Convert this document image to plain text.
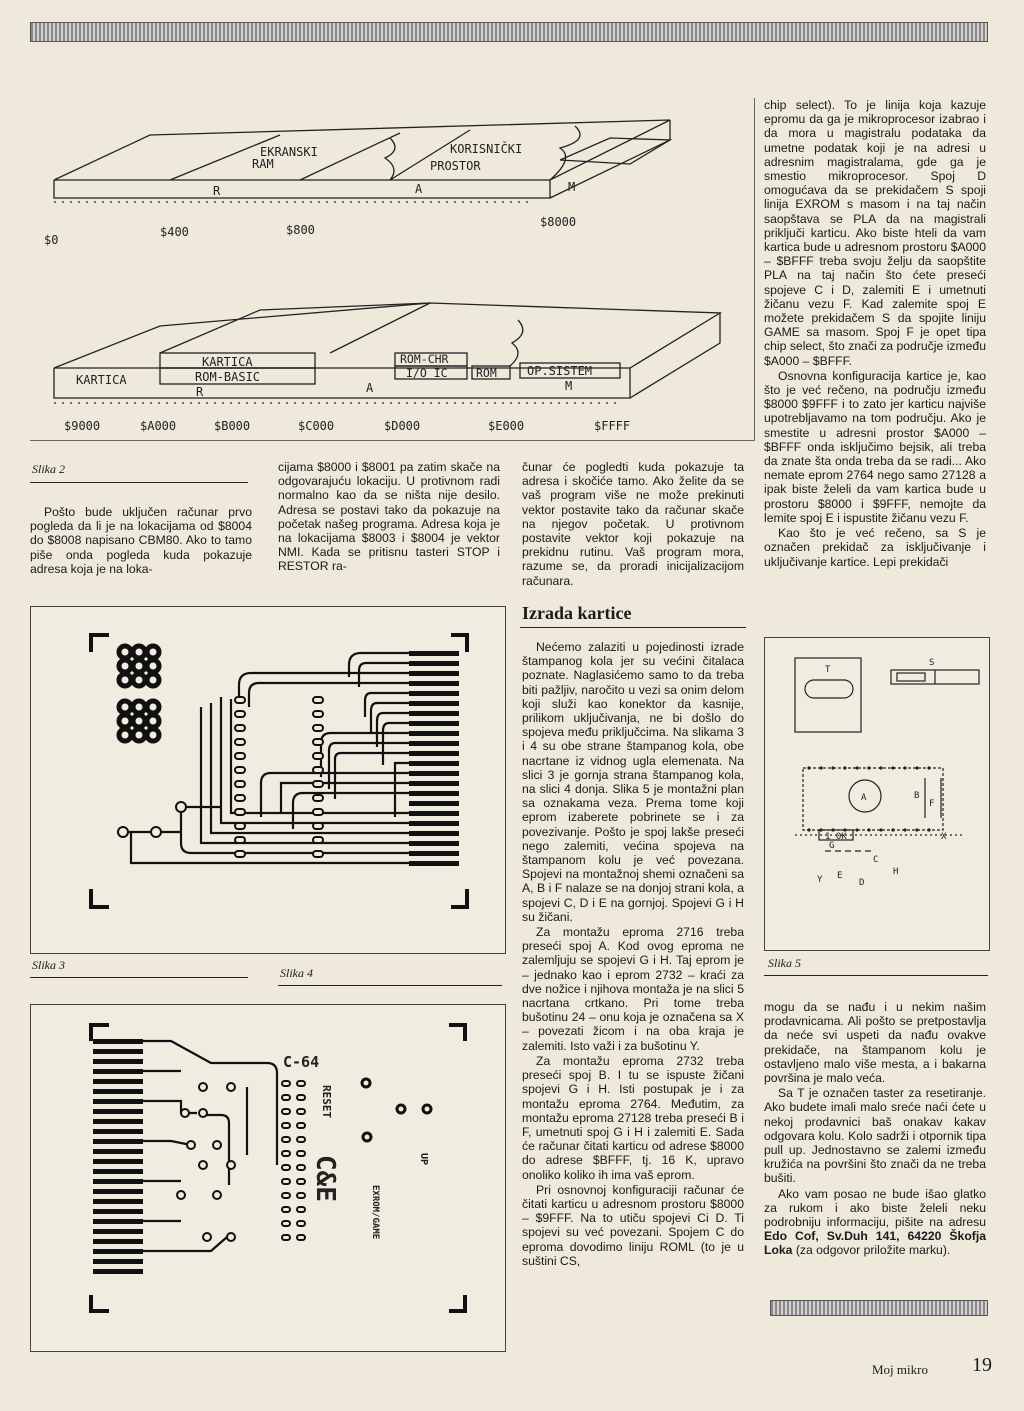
EKRANSKI
RAM
KORISNIČKI
PROSTOR
R	A	M
$0
$400	$800
$8000
KARTICA
KARTICA
ROM-BASIC
ROM-CHR
I/O IC ROM	OP.SISTEM
R	A	M
$9000	$A000	$B000	$C000	$D000	$E000	$FFFF
Slika 2

Pošto bude uključen računar prvo pogleda da li je na lokacijama od $8004 do $8008 napisano CBM80. Ako to tamo piše onda pogleda kuda pokazuje adresa koja je na loka-

cijama $8000 i $8001 pa zatim skače na odgovarajuću lokaciju. U protivnom radi normalno kao da se ništa nije desilo. Adresa se postavi tako da pokazuje na početak našeg programa. Adresa koja je na lokacijama $8003 i $8004 je vektor NMI. Kada se pritisnu tasteri STOP i RESTOR ra-

čunar će pogledti kuda pokazuje ta adresa i skočiće tamo. Ako želite da se vaš program više ne može prekinuti vektor postavite tako da računar skače na njegov početak. U protivnom postavite vektor koji pokazuje na prekidnu rutinu. Vaš program mora, razume se, da proradi inicijalizacijom računara.

Izrada kartice

Nećemo zalaziti u pojedinosti izrade štampanog kola jer su većini čitalaca poznate. Naglasićemo samo to da treba biti pažljiv, naročito u vezi sa onim delom koji služi kao konektor da kasnije, prilikom uključivanja, ne bi došlo do spojeva među priključcima. Na slikama 3 i 4 su obe strane štampanog kola, obe nacrtane iz vidnog ugla elemenata. Na slici 3 je gornja strana štampanog kola, na slici 4 donja. Slika 5 je montažni plan sa oznakama veza. Prema tome koji eprom izaberete pobrinete se i za povezivanje. Pošto je spoj lakše preseći nego zalemiti, većina spojeva na štampanom kolu je već povezana. Spojevi na montažnoj shemi označeni sa A, B i F nalaze se na donjoj strani kola, a spojevi C, D i E na gornjoj. Spojevi G i H su žičani.

Za montažu eproma 2716 treba preseći spoj A. Kod ovog eproma ne zalemljuju se spojevi G i H. Taj eprom je – jednako kao i eprom 2732 – kraći za dve nožice i njihova montaža je na slici 5 nacrtana crtkano. Pri tome treba bušotinu 24 – onu koja je označena sa X – povezati žicom i na oba kraja je zalemiti. Isto važi i za bušotinu Y.

Za montažu eproma 2732 treba preseći spoj B. I tu se ispuste žičani spojevi G i H. Isti postupak je i za montažu eproma 2764. Međutim, za montažu eproma 27128 treba preseći B i F, umetnuti spoj G i H i zalemiti E. Sada će računar čitati karticu od adrese $8000 do adrese $BFFF, tj. 16 K, upravo onoliko koliko ih ima vaš eprom.

Pri osnovnoj konfiguraciji računar će čitati karticu u adresnom prostoru $8000 – $9FFF. Na to utiču spojevi Ci D. Ti spojevi su već povezani. Spojem C do eproma dovodimo liniju ROML (to je u suštini CS,

chip select). To je linija koja kazuje epromu da ga je mikroprocesor izabrao i da mora u magistralu podataka da umetne podatak koji je na adresi u adresnim magistralama, gde ga je smestio mikroprocesor. Spoj D omogućava da se prekidačem S spoji linija EXROM s masom i na taj način saopštava se PLA da na magistrali priključi karticu. Ako biste hteli da vam kartica bude u adresnom prostoru $A000 – $BFFF treba svoju želju da saopštite PLA na taj način što ćete preseći spojeve C i D, zalemiti E i umetnuti žičanu vezu F. Kad zalemite spoj E možete prekidačem S da spojite liniju GAME sa masom. Spoj F je opet tipa chip select, što znači za područje između $A000 – $BFFF.

Osnovna konfiguracija kartice je, kao što je već rečeno, na području između $8000 $9FFF i to zato jer karticu najviše upotrebljavamo na tom području. Ako je smestite u adresni prostor $A000 – $BFFF onda isključimo bejsik, ali treba da znate šta onda treba da se radi... Ako nemate eprom 2764 nego samo 27128 a ipak biste želeli da vam kartica bude u prostoru $8000 i $9FFF, nemojte da lemite spoj E i ispustite žičanu vezu F.

Kao što je već rečeno, sa S je označen prekidač za isključivanje i uključivanje kartice. Lepi prekidači

T
S
A	B
F
1 0K
G
C
E
D
H
Y
X
Slika 5

mogu da se nađu i u nekim našim prodavnicama. Ali pošto se pretpostavlja da neće svi uspeti da nađu ovakve prekidače, na štampanom kolu je ostavljeno malo više mesta, a i bakarna površina je malo veća.

Sa T je označen taster za resetiranje. Ako budete imali malo sreće naći ćete u nekoj prodavnici baš onakav kakav odgovara kolu. Kolo sadrži i otpornik tipa pull up. Jednostavno se zalemi između kružića na površini što znači da ne treba bušiti.

Ako vam posao ne bude išao glatko za rukom i ako biste želeli neku podrobniju informaciju, pišite na adresu Edo Cof, Sv.Duh 141, 64220 Škofja Loka (za odgovor priložite marku).

Slika 3
Slika 4
C-64
RESET
C&E
EXROM/GAME
UP
Moj mikro 19
